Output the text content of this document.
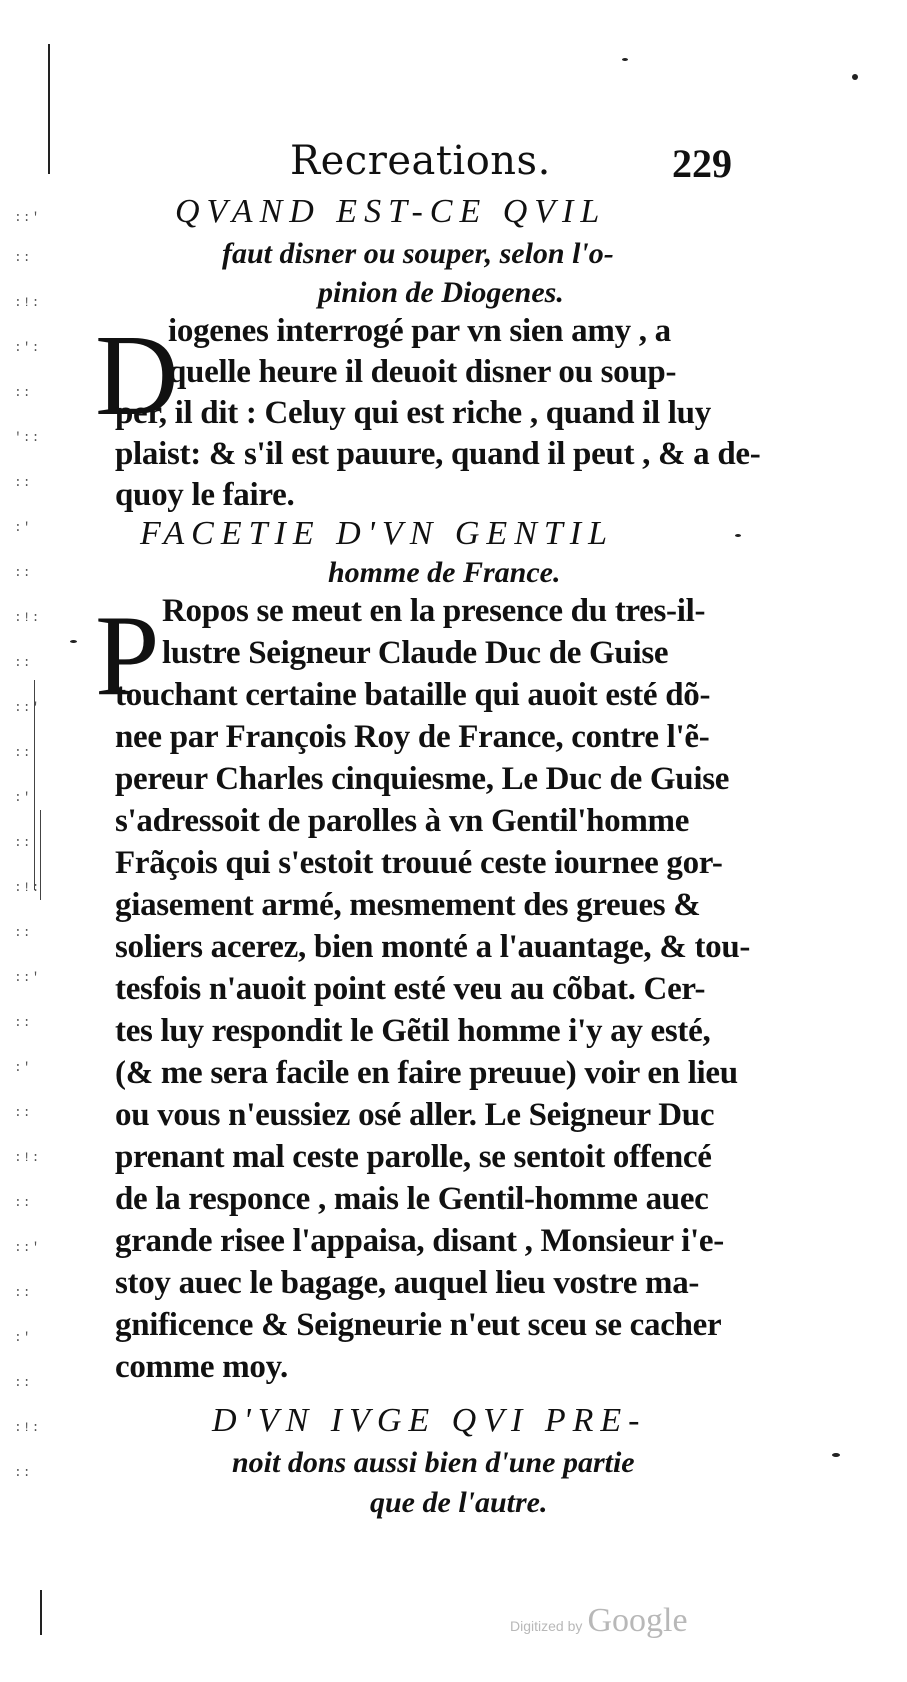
::'
::
:!:
:':
::
'::
::
:'
::
:!:
::
::'
::
:'
::
:!:
::
::'
::
:'
::
:!:
::
::'
::
:'
::
:!:
::
Recreations.	229
QVAND EST-CE QVIL
faut disner ou souper, selon l'o-
pinion de Diogenes.
D
iogenes interrogé par vn sien amy , a
quelle heure il deuoit disner ou soup-
per, il dit : Celuy qui est riche , quand il luy
plaist: & s'il est pauure, quand il peut , & a de-
quoy le faire.
FACETIE D'VN GENTIL
homme de France.
P Ropos se meut en la presence du tres-il-
lustre Seigneur Claude Duc de Guise
touchant certaine bataille qui auoit esté dõ-
nee par François Roy de France, contre l'ẽ-
pereur Charles cinquiesme, Le Duc de Guise
s'adressoit de parolles à vn Gentil'homme
Frãçois qui s'estoit trouué ceste iournee gor-
giasement armé, mesmement des greues &
soliers acerez, bien monté a l'auantage, & tou-
tesfois n'auoit point esté veu au cõbat. Cer-
tes luy respondit le Gẽtil homme i'y ay esté,
(& me sera facile en faire preuue) voir en lieu
ou vous n'eussiez osé aller. Le Seigneur Duc
prenant mal ceste parolle, se sentoit offencé
de la responce , mais le Gentil-homme auec
grande risee l'appaisa, disant , Monsieur i'e-
stoy auec le bagage, auquel lieu vostre ma-
gnificence & Seigneurie n'eut sceu se cacher
comme moy.
D'VN IVGE QVI PRE-
noit dons aussi bien d'une partie
que de l'autre.
Digitized by Google
